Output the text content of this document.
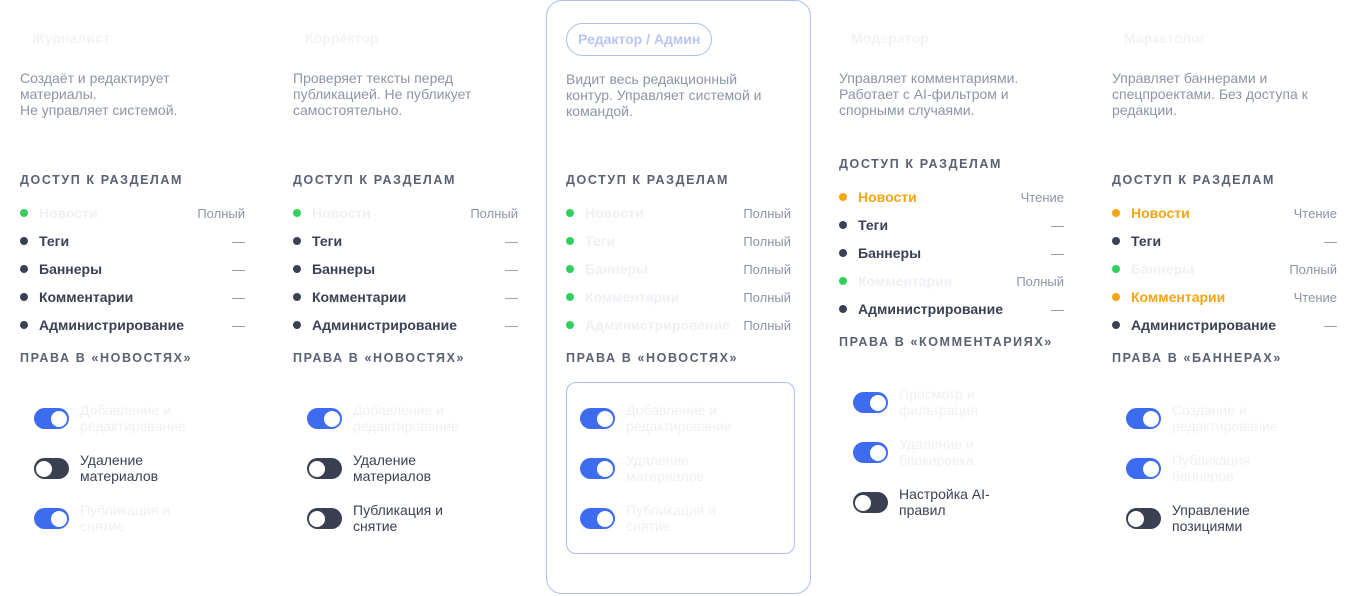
Журналист
Создаёт и редактирует
материалы.
Не управляет системой.
ДОСТУП К РАЗДЕЛАМ
Новости	Полный
Теги	—
Баннеры	—
Комментарии	—
Администрирование	—
ПРАВА В «НОВОСТЯХ»
Добавление и
редактирование
Удаление
материалов
Публикация и
снятие
Корректор
Проверяет тексты перед
публикацией. Не публикует
самостоятельно.
ДОСТУП К РАЗДЕЛАМ
Новости	Полный
Теги	—
Баннеры	—
Комментарии	—
Администрирование	—
ПРАВА В «НОВОСТЯХ»
Добавление и
редактирование
Удаление
материалов
Публикация и
снятие
Редактор / Админ
Видит весь редакционный
контур. Управляет системой и
командой.
ДОСТУП К РАЗДЕЛАМ
Новости	Полный
Теги	Полный
Баннеры	Полный
Комментарии	Полный
Администрирование Полный
ПРАВА В «НОВОСТЯХ»
Добавление и
редактирование
Удаление
материалов
Публикация и
снятие
Модератор
Управляет комментариями.
Работает с AI-фильтром и
спорными случаями.
ДОСТУП К РАЗДЕЛАМ
Новости	Чтение
Теги	—
Баннеры	—
Комментарии	Полный
Администрирование	—
ПРАВА В «КОММЕНТАРИЯХ»
Просмотр и
фильтрация
Удаление и
блокировка
Настройка AI-
правил
Маркетолог
Управляет баннерами и
спецпроектами. Без доступа к
редакции.
ДОСТУП К РАЗДЕЛАМ
Новости	Чтение
Теги	—
Баннеры	Полный
Комментарии	Чтение
Администрирование	—
ПРАВА В «БАННЕРАХ»
Создание и
редактирование
Публикация
баннеров
Управление
позициями
